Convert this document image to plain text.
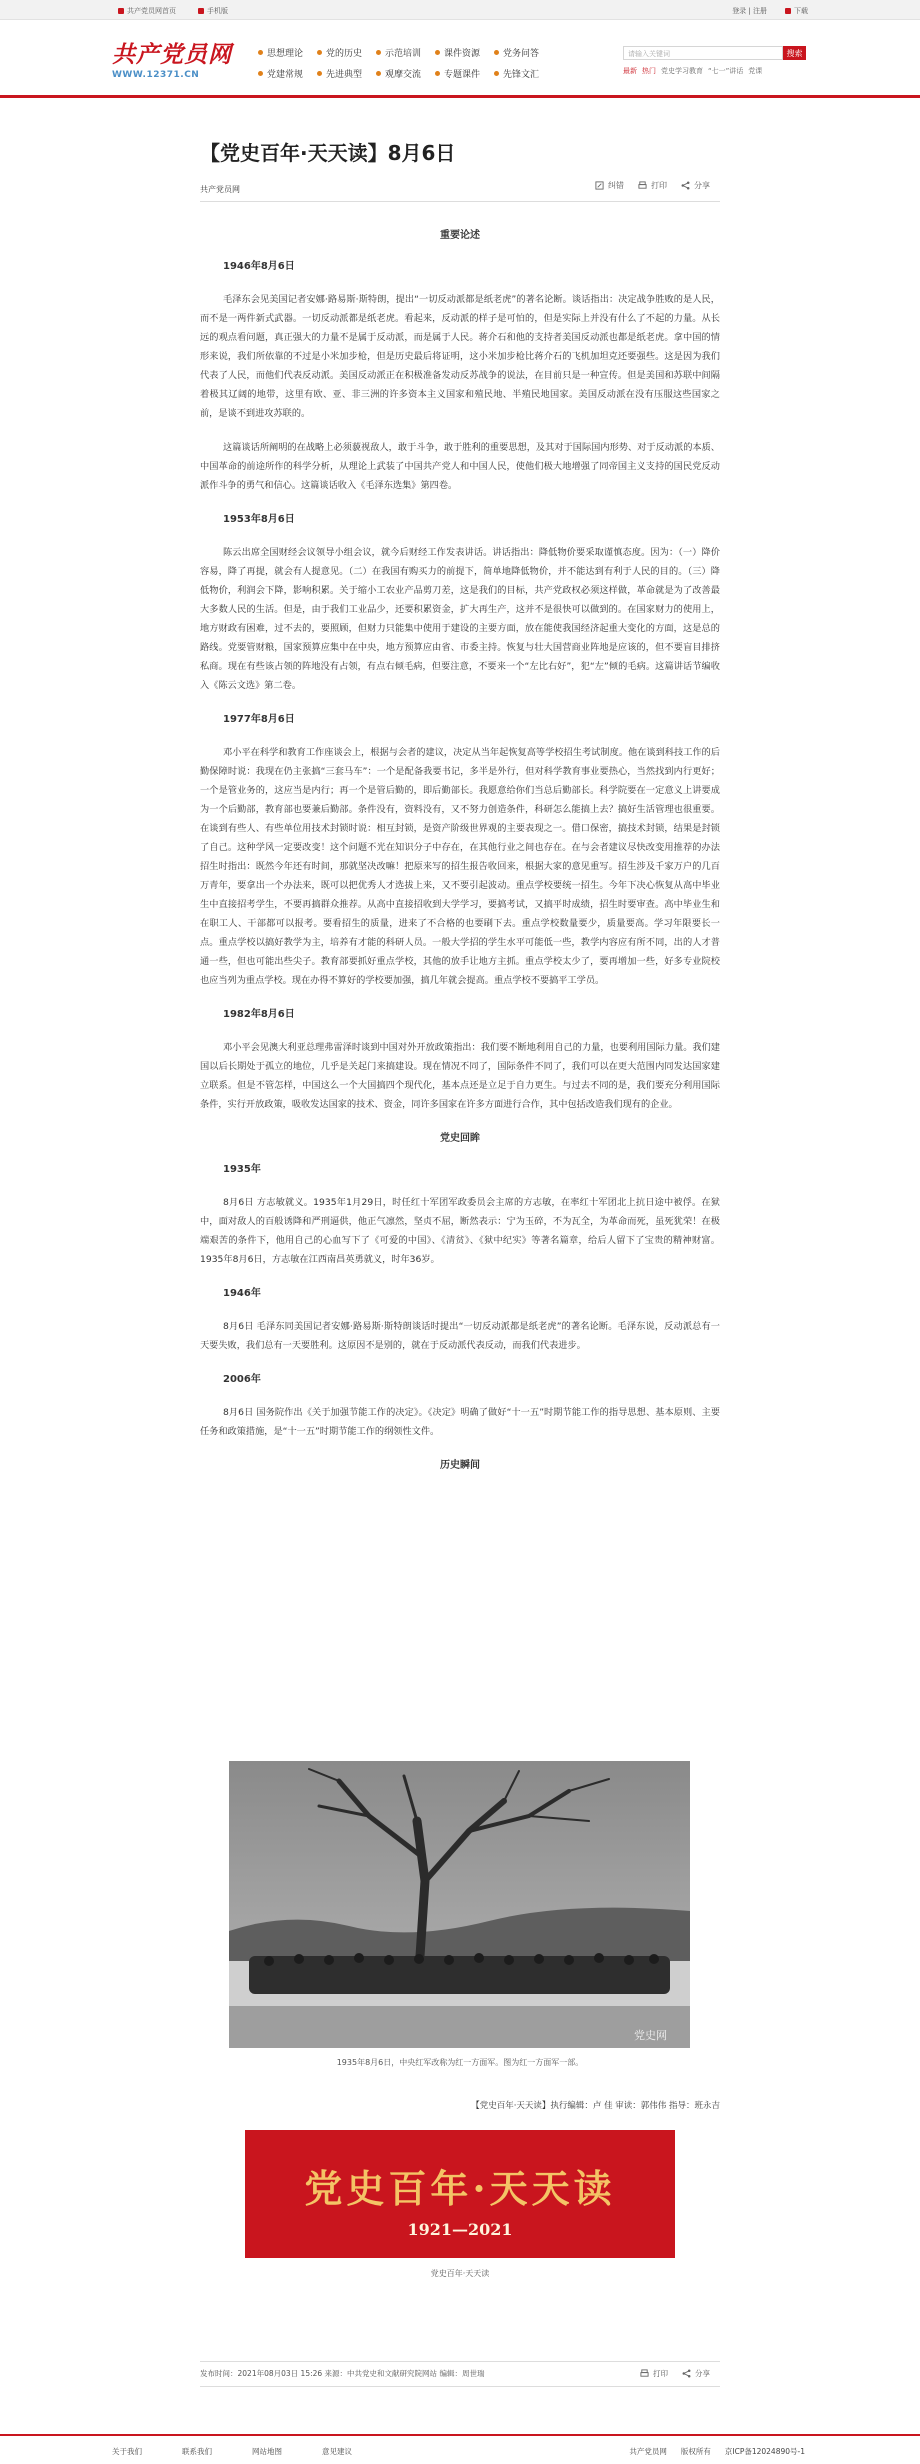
共产党员网首页	手机版	登录 | 注册	下载
共产党员网
WWW.12371.CN
思想理论	党的历史	示范培训	课件资源	党务问答
党建常规	先进典型	观摩交流	专题课件	先锋文汇
请输入关键词	搜索
最新 热门 党史学习教育 “七一”讲话 党课
【党史百年·天天读】8月6日
共产党员网	纠错	打印	分享
重要论述
1946年8月6日

毛泽东会见美国记者安娜·路易斯·斯特朗，提出“一切反动派都是纸老虎”的著名论断。谈话指出：决定战争胜败的是人民，而不是一两件新式武器。一切反动派都是纸老虎。看起来，反动派的样子是可怕的，但是实际上并没有什么了不起的力量。从长远的观点看问题，真正强大的力量不是属于反动派，而是属于人民。蒋介石和他的支持者美国反动派也都是纸老虎。拿中国的情形来说，我们所依靠的不过是小米加步枪，但是历史最后将证明，这小米加步枪比蒋介石的飞机加坦克还要强些。这是因为我们代表了人民，而他们代表反动派。美国反动派正在积极准备发动反苏战争的说法，在目前只是一种宣传。但是美国和苏联中间隔着极其辽阔的地带，这里有欧、亚、非三洲的许多资本主义国家和殖民地、半殖民地国家。美国反动派在没有压服这些国家之前，是谈不到进攻苏联的。

这篇谈话所阐明的在战略上必须藐视敌人，敢于斗争，敢于胜利的重要思想，及其对于国际国内形势、对于反动派的本质、中国革命的前途所作的科学分析，从理论上武装了中国共产党人和中国人民，使他们极大地增强了同帝国主义支持的国民党反动派作斗争的勇气和信心。这篇谈话收入《毛泽东选集》第四卷。

1953年8月6日

陈云出席全国财经会议领导小组会议，就今后财经工作发表讲话。讲话指出：降低物价要采取谨慎态度。因为：（一）降价容易，降了再提，就会有人提意见。（二）在我国有购买力的前提下，简单地降低物价，并不能达到有利于人民的目的。（三）降低物价，利润会下降，影响积累。关于缩小工农业产品剪刀差，这是我们的目标，共产党政权必须这样做，革命就是为了改善最大多数人民的生活。但是，由于我们工业品少，还要积累资金，扩大再生产，这并不是很快可以做到的。在国家财力的使用上，地方财政有困难，过不去的，要照顾，但财力只能集中使用于建设的主要方面，放在能使我国经济起重大变化的方面，这是总的路线。党要管财粮，国家预算应集中在中央，地方预算应由省、市委主持。恢复与壮大国营商业阵地是应该的，但不要盲目排挤私商。现在有些该占领的阵地没有占领，有点右倾毛病，但要注意，不要来一个“左比右好”，犯“左”倾的毛病。这篇讲话节编收入《陈云文选》第二卷。

1977年8月6日

邓小平在科学和教育工作座谈会上，根据与会者的建议，决定从当年起恢复高等学校招生考试制度。他在谈到科技工作的后勤保障时说：我现在仍主张搞“三套马车”：一个是配备我要书记，多半是外行，但对科学教育事业要热心，当然找到内行更好；一个是管业务的，这应当是内行；再一个是管后勤的，即后勤部长。我愿意给你们当总后勤部长。科学院要在一定意义上讲要成为一个后勤部，教育部也要兼后勤部。条件没有，资料没有，又不努力创造条件，科研怎么能搞上去？搞好生活管理也很重要。在谈到有些人、有些单位用技术封锁时说：相互封锁，是资产阶级世界观的主要表现之一。借口保密，搞技术封锁，结果是封锁了自己。这种学风一定要改变！这个问题不光在知识分子中存在，在其他行业之间也存在。在与会者建议尽快改变用推荐的办法招生时指出：既然今年还有时间，那就坚决改嘛！把原来写的招生报告收回来，根据大家的意见重写。招生涉及千家万户的几百万青年，要拿出一个办法来，既可以把优秀人才选拔上来，又不要引起波动。重点学校要统一招生。今年下决心恢复从高中毕业生中直接招考学生，不要再搞群众推荐。从高中直接招收到大学学习，要搞考试，又搞平时成绩，招生时要审查。高中毕业生和在职工人、干部都可以报考。要看招生的质量，进来了不合格的也要刷下去。重点学校数量要少，质量要高。学习年限要长一点。重点学校以搞好教学为主，培养有才能的科研人员。一般大学招的学生水平可能低一些，教学内容应有所不同，出的人才普通一些，但也可能出些尖子。教育部要抓好重点学校，其他的放手让地方主抓。重点学校太少了，要再增加一些，好多专业院校也应当列为重点学校。现在办得不算好的学校要加强，搞几年就会提高。重点学校不要搞平工学员。

1982年8月6日

邓小平会见澳大利亚总理弗雷泽时谈到中国对外开放政策指出：我们要不断地利用自己的力量，也要利用国际力量。我们建国以后长期处于孤立的地位，几乎是关起门来搞建设。现在情况不同了，国际条件不同了，我们可以在更大范围内同发达国家建立联系。但是不管怎样，中国这么一个大国搞四个现代化，基本点还是立足于自力更生。与过去不同的是，我们要充分利用国际条件，实行开放政策，吸收发达国家的技术、资金，同许多国家在许多方面进行合作，其中包括改造我们现有的企业。

党史回眸
1935年

8月6日 方志敏就义。1935年1月29日，时任红十军团军政委员会主席的方志敏，在率红十军团北上抗日途中被俘。在狱中，面对敌人的百般诱降和严刑逼供，他正气凛然，坚贞不屈，断然表示：宁为玉碎，不为瓦全，为革命而死，虽死犹荣！在极端艰苦的条件下，他用自己的心血写下了《可爱的中国》、《清贫》、《狱中纪实》等著名篇章，给后人留下了宝贵的精神财富。1935年8月6日，方志敏在江西南昌英勇就义，时年36岁。

1946年

8月6日 毛泽东同美国记者安娜·路易斯·斯特朗谈话时提出“一切反动派都是纸老虎”的著名论断。毛泽东说，反动派总有一天要失败，我们总有一天要胜利。这原因不是别的，就在于反动派代表反动，而我们代表进步。

2006年

8月6日 国务院作出《关于加强节能工作的决定》。《决定》明确了做好“十一五”时期节能工作的指导思想、基本原则、主要任务和政策措施，是“十一五”时期节能工作的纲领性文件。

历史瞬间
党史网
1935年8月6日，中央红军改称为红一方面军。图为红一方面军一部。
【党史百年·天天读】执行编辑：卢 佳 审读：郭伟伟 指导：班永吉
党史百年·天天读
1921—2021
党史百年·天天读
发布时间：2021年08月03日 15:26 来源：中共党史和文献研究院网站 编辑：周世瑞	打印	分享
关于我们	联系我们	网站地图	意见建议	共产党员网 版权所有 京ICP备12024890号-1
